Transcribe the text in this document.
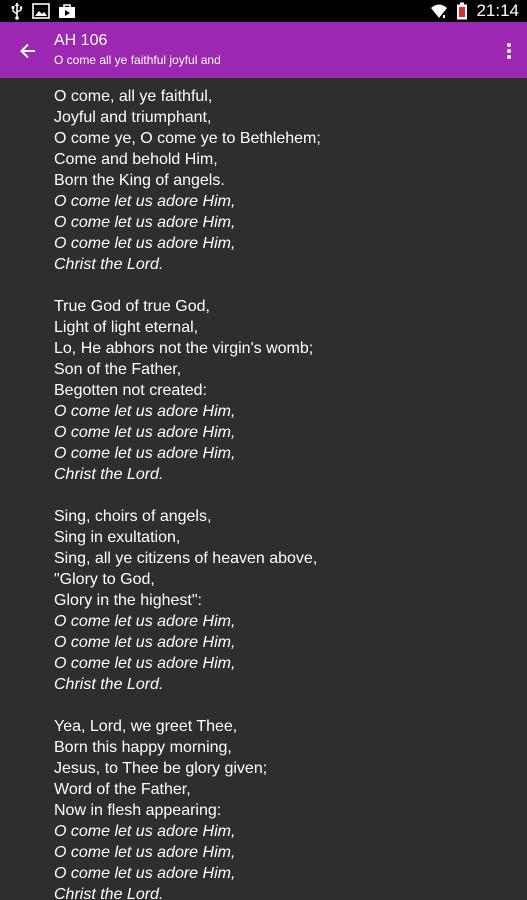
21:14
AH 106
O come all ye faithful joyful and
O come, all ye faithful,
Joyful and triumphant,
O come ye, O come ye to Bethlehem;
Come and behold Him,
Born the King of angels.
O come let us adore Him,
O come let us adore Him,
O come let us adore Him,
Christ the Lord.
True God of true God,
Light of light eternal,
Lo, He abhors not the virgin's womb;
Son of the Father,
Begotten not created:
O come let us adore Him,
O come let us adore Him,
O come let us adore Him,
Christ the Lord.
Sing, choirs of angels,
Sing in exultation,
Sing, all ye citizens of heaven above,
"Glory to God,
Glory in the highest":
O come let us adore Him,
O come let us adore Him,
O come let us adore Him,
Christ the Lord.
Yea, Lord, we greet Thee,
Born this happy morning,
Jesus, to Thee be glory given;
Word of the Father,
Now in flesh appearing:
O come let us adore Him,
O come let us adore Him,
O come let us adore Him,
Christ the Lord.
